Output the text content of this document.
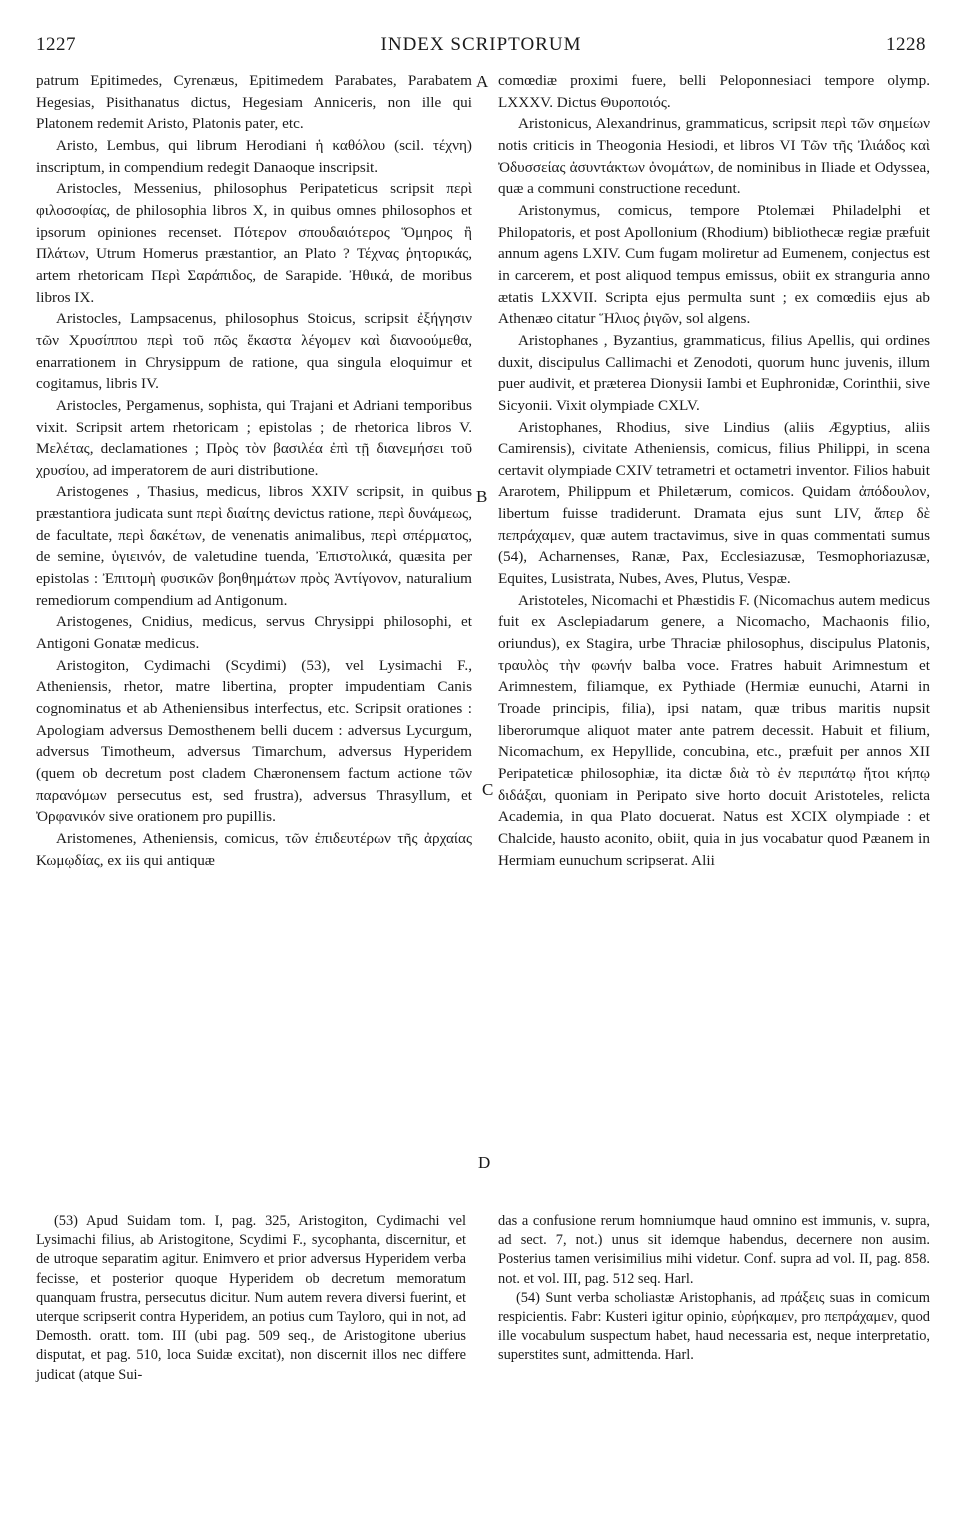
1227	INDEX SCRIPTORUM	1228
A
B
C
D

patrum Epitimedes, Cyrenæus, Epitimedem Parabates, Parabatem Hegesias, Pisithanatus dictus, Hegesiam Anniceris, non ille qui Platonem redemit Aristo, Platonis pater, etc.

Aristo, Lembus, qui librum Herodiani ἡ καθόλου (scil. τέχνη) inscriptum, in compendium redegit Danaoque inscripsit.

Aristocles, Messenius, philosophus Peripateticus scripsit περὶ φιλοσοφίας, de philosophia libros X, in quibus omnes philosophos et ipsorum opiniones recenset. Πότερον σπουδαιότερος Ὅμηρος ἢ Πλάτων, Utrum Homerus præstantior, an Plato ? Τέχνας ῥητορικάς, artem rhetoricam Περὶ Σαράπιδος, de Sarapide. Ἠθικά, de moribus libros IX.

Aristocles, Lampsacenus, philosophus Stoicus, scripsit ἐξήγησιν τῶν Χρυσίππου περὶ τοῦ πῶς ἕκαστα λέγομεν καὶ διανοούμεθα, enarrationem in Chrysippum de ratione, qua singula eloquimur et cogitamus, libris IV.

Aristocles, Pergamenus, sophista, qui Trajani et Adriani temporibus vixit. Scripsit artem rhetoricam ; epistolas ; de rhetorica libros V. Μελέτας, declamationes ; Πρὸς τὸν βασιλέα ἐπὶ τῇ διανεμήσει τοῦ χρυσίου, ad imperatorem de auri distributione.

Aristogenes , Thasius, medicus, libros XXIV scripsit, in quibus præstantiora judicata sunt περὶ διαίτης devictus ratione, περὶ δυνάμεως, de facultate, περὶ δακέτων, de venenatis animalibus, περὶ σπέρματος, de semine, ὑγιεινόν, de valetudine tuenda, Ἐπιστολικά, quæsita per epistolas : Ἐπιτομὴ φυσικῶν βοηθημάτων πρὸς Ἀντίγονον, naturalium remediorum compendium ad Antigonum.

Aristogenes, Cnidius, medicus, servus Chrysippi philosophi, et Antigoni Gonatæ medicus.

Aristogiton, Cydimachi (Scydimi) (53), vel Lysimachi F., Atheniensis, rhetor, matre libertina, propter impudentiam Canis cognominatus et ab Atheniensibus interfectus, etc. Scripsit orationes : Apologiam adversus Demosthenem belli ducem : adversus Lycurgum, adversus Timotheum, adversus Timarchum, adversus Hyperidem (quem ob decretum post cladem Chæronensem factum actione τῶν παρανόμων persecutus est, sed frustra), adversus Thrasyllum, et Ὀρφανικόν sive orationem pro pupillis.

Aristomenes, Atheniensis, comicus, τῶν ἐπιδευτέρων τῆς ἀρχαίας Κωμῳδίας, ex iis qui antiquæ

comœdiæ proximi fuere, belli Peloponnesiaci tempore olymp. LXXXV. Dictus Θυροποιός.

Aristonicus, Alexandrinus, grammaticus, scripsit περὶ τῶν σημείων notis criticis in Theogonia Hesiodi, et libros VI Τῶν τῆς Ἰλιάδος καὶ Ὀδυσσείας ἀσυντάκτων ὀνομάτων, de nominibus in Iliade et Odyssea, quæ a communi constructione recedunt.

Aristonymus, comicus, tempore Ptolemæi Philadelphi et Philopatoris, et post Apollonium (Rhodium) bibliothecæ regiæ præfuit annum agens LXIV. Cum fugam moliretur ad Eumenem, conjectus est in carcerem, et post aliquod tempus emissus, obiit ex stranguria anno ætatis LXXVII. Scripta ejus permulta sunt ; ex comœdiis ejus ab Athenæo citatur Ἥλιος ῥιγῶν, sol algens.

Aristophanes , Byzantius, grammaticus, filius Apellis, qui ordines duxit, discipulus Callimachi et Zenodoti, quorum hunc juvenis, illum puer audivit, et præterea Dionysii Iambi et Euphronidæ, Corinthii, sive Sicyonii. Vixit olympiade CXLV.

Aristophanes, Rhodius, sive Lindius (aliis Ægyptius, aliis Camirensis), civitate Atheniensis, comicus, filius Philippi, in scena certavit olympiade CXIV tetrametri et octametri inventor. Filios habuit Ararotem, Philippum et Philetærum, comicos. Quidam ἀπόδουλον, libertum fuisse tradiderunt. Dramata ejus sunt LIV, ἅπερ δὲ πεπράχαμεν, quæ autem tractavimus, sive in quas commentati sumus (54), Acharnenses, Ranæ, Pax, Ecclesiazusæ, Tesmophoriazusæ, Equites, Lusistrata, Nubes, Aves, Plutus, Vespæ.

Aristoteles, Nicomachi et Phæstidis F. (Nicomachus autem medicus fuit ex Asclepiadarum genere, a Nicomacho, Machaonis filio, oriundus), ex Stagira, urbe Thraciæ philosophus, discipulus Platonis, τραυλὸς τὴν φωνήν balba voce. Fratres habuit Arimnestum et Arimnestem, filiamque, ex Pythiade (Hermiæ eunuchi, Atarni in Troade principis, filia), ipsi natam, quæ tribus maritis nupsit liberorumque aliquot mater ante patrem decessit. Habuit et filium, Nicomachum, ex Hepyllide, concubina, etc., præfuit per annos XII Peripateticæ philosophiæ, ita dictæ διὰ τὸ ἐν περιπάτῳ ἤτοι κήπῳ διδάξαι, quoniam in Peripato sive horto docuit Aristoteles, relicta Academia, in qua Plato docuerat. Natus est XCIX olympiade : et Chalcide, hausto aconito, obiit, quia in jus vocabatur quod Pæanem in Hermiam eunuchum scripserat. Alii

(53) Apud Suidam tom. I, pag. 325, Aristogiton, Cydimachi vel Lysimachi filius, ab Aristogitone, Scydimi F., sycophanta, discernitur, et de utroque separatim agitur. Enimvero et prior adversus Hyperidem verba fecisse, et posterior quoque Hyperidem ob decretum memoratum quanquam frustra, persecutus dicitur. Num autem revera diversi fuerint, et uterque scripserit contra Hyperidem, an potius cum Tayloro, qui in not, ad Demosth. oratt. tom. III (ubi pag. 509 seq., de Aristogitone uberius disputat, et pag. 510, loca Suidæ excitat), non discernit illos nec differe judicat (atque Sui-

das a confusione rerum homniumque haud omnino est immunis, v. supra, ad sect. 7, not.) unus sit idemque habendus, decernere non ausim. Posterius tamen verisimilius mihi videtur. Conf. supra ad vol. II, pag. 858. not. et vol. III, pag. 512 seq. Harl.

(54) Sunt verba scholiastæ Aristophanis, ad πράξεις suas in comicum respicientis. Fabr: Kusteri igitur opinio, εὑρήκαμεν, pro πεπράχαμεν, quod ille vocabulum suspectum habet, haud necessaria est, neque interpretatio, superstites sunt, admittenda. Harl.
